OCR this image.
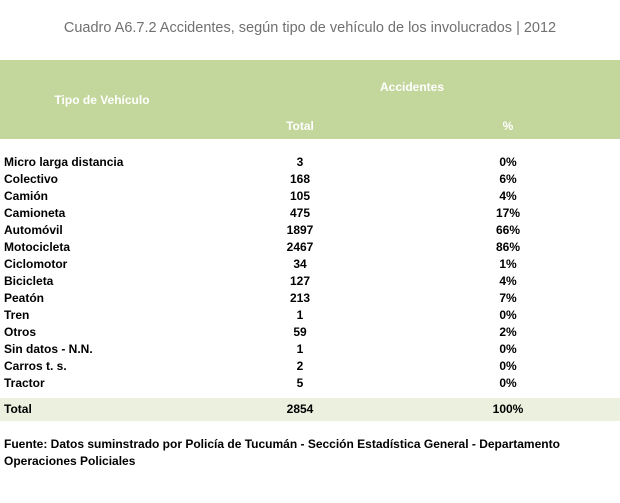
Cuadro A6.7.2 Accidentes, según tipo de vehículo de los involucrados | 2012
Tipo de Vehículo
Accidentes
Total	%
Micro larga distancia	3	0%
Colectivo	168	6%
Camión	105	4%
Camioneta	475	17%
Automóvil	1897	66%
Motocicleta	2467	86%
Ciclomotor	34	1%
Bicicleta	127	4%
Peatón	213	7%
Tren	1	0%
Otros	59	2%
Sin datos - N.N.	1	0%
Carros t. s.	2	0%
Tractor	5	0%
Total	2854	100%
Fuente: Datos suminstrado por Policía de Tucumán - Sección Estadística General - Departamento Operaciones Policiales
